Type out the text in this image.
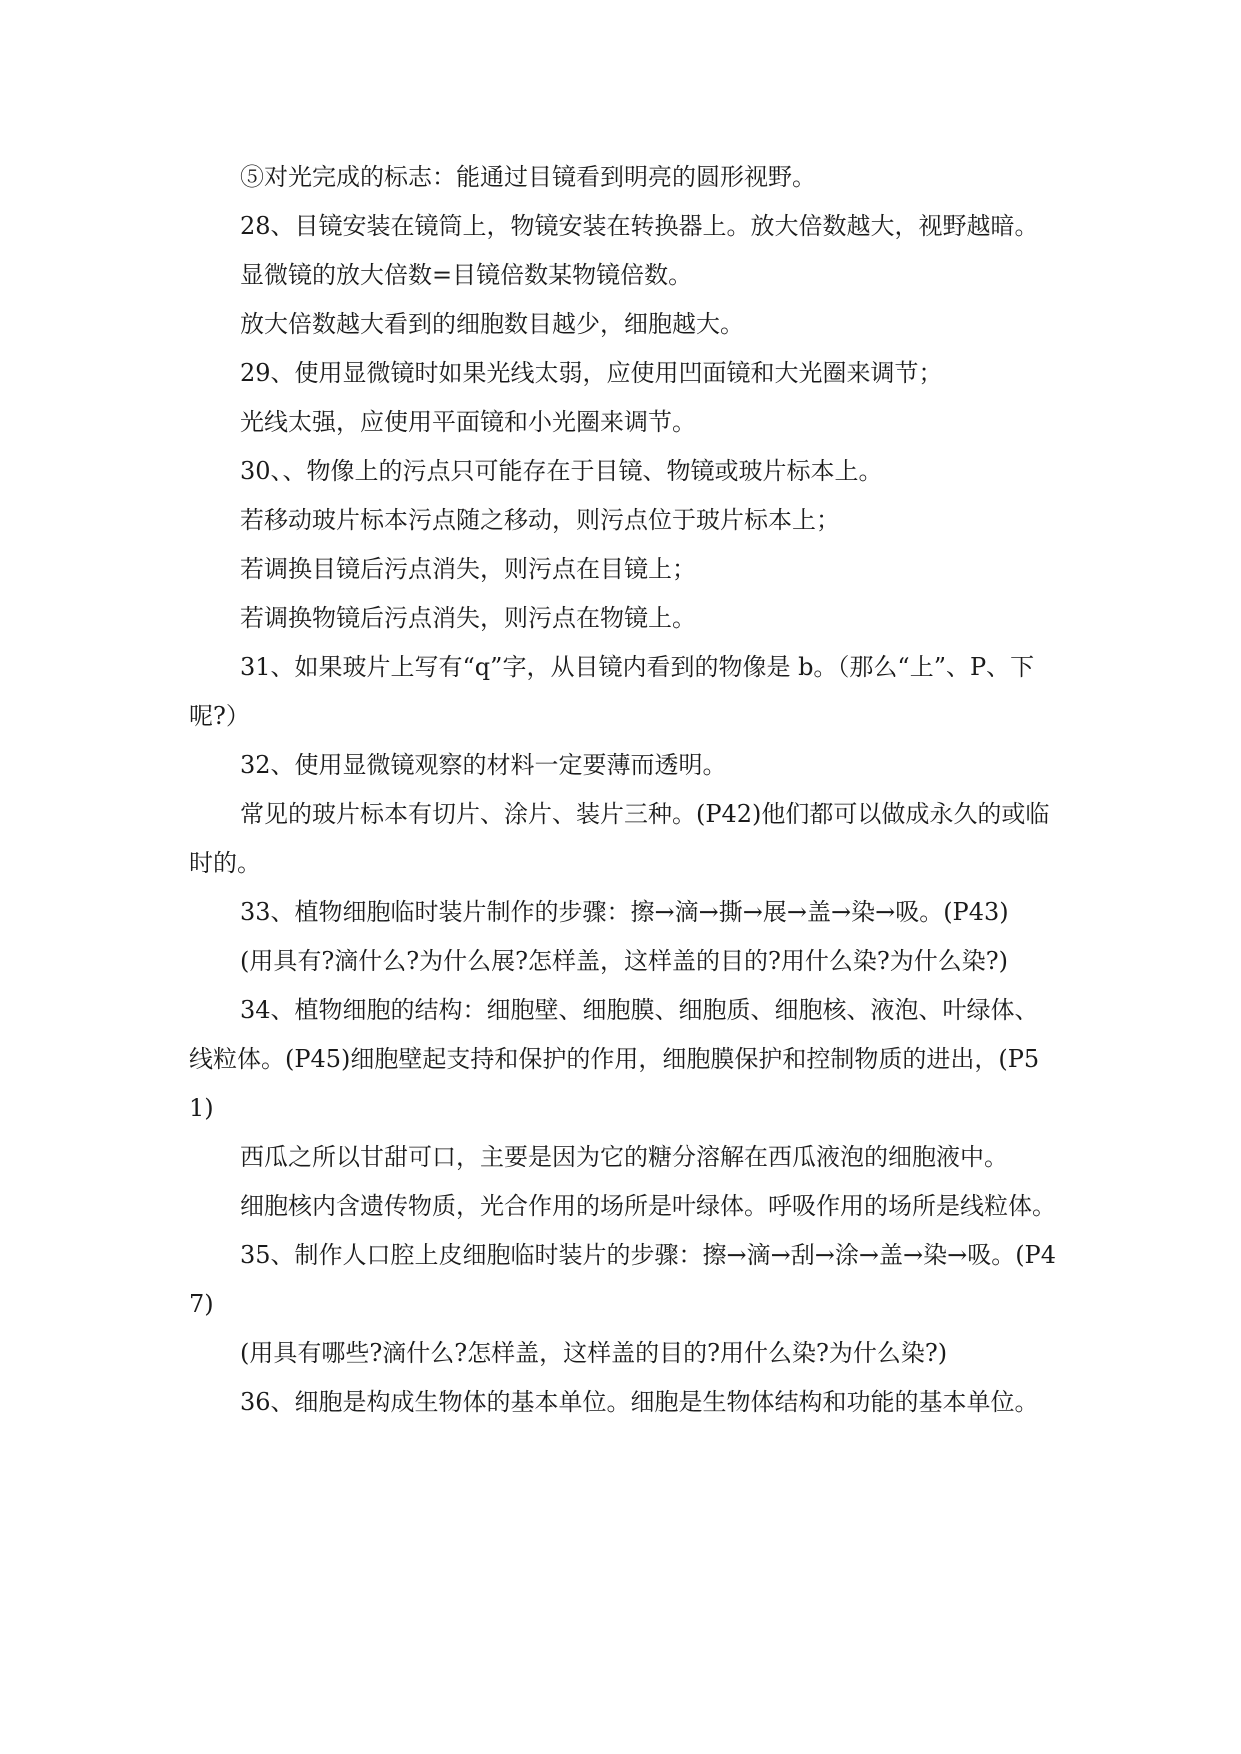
⑤对光完成的标志：能通过目镜看到明亮的圆形视野。

28、目镜安装在镜筒上，物镜安装在转换器上。放大倍数越大，视野越暗。

显微镜的放大倍数=目镜倍数某物镜倍数。

放大倍数越大看到的细胞数目越少，细胞越大。

29、使用显微镜时如果光线太弱，应使用凹面镜和大光圈来调节；

光线太强，应使用平面镜和小光圈来调节。

30、、物像上的污点只可能存在于目镜、物镜或玻片标本上。

若移动玻片标本污点随之移动，则污点位于玻片标本上；

若调换目镜后污点消失，则污点在目镜上；

若调换物镜后污点消失，则污点在物镜上。

31、如果玻片上写有“q”字，从目镜内看到的物像是 b。（那么“上”、P、下呢?）

32、使用显微镜观察的材料一定要薄而透明。

常见的玻片标本有切片、涂片、装片三种。(P42)他们都可以做成永久的或临时的。

33、植物细胞临时装片制作的步骤：擦→滴→撕→展→盖→染→吸。(P43)

(用具有?滴什么?为什么展?怎样盖，这样盖的目的?用什么染?为什么染?)

34、植物细胞的结构：细胞壁、细胞膜、细胞质、细胞核、液泡、叶绿体、线粒体。(P45)细胞壁起支持和保护的作用，细胞膜保护和控制物质的进出，(P51)

西瓜之所以甘甜可口，主要是因为它的糖分溶解在西瓜液泡的细胞液中。

细胞核内含遗传物质，光合作用的场所是叶绿体。呼吸作用的场所是线粒体。

35、制作人口腔上皮细胞临时装片的步骤：擦→滴→刮→涂→盖→染→吸。(P47)

(用具有哪些?滴什么?怎样盖，这样盖的目的?用什么染?为什么染?)

36、细胞是构成生物体的基本单位。细胞是生物体结构和功能的基本单位。
